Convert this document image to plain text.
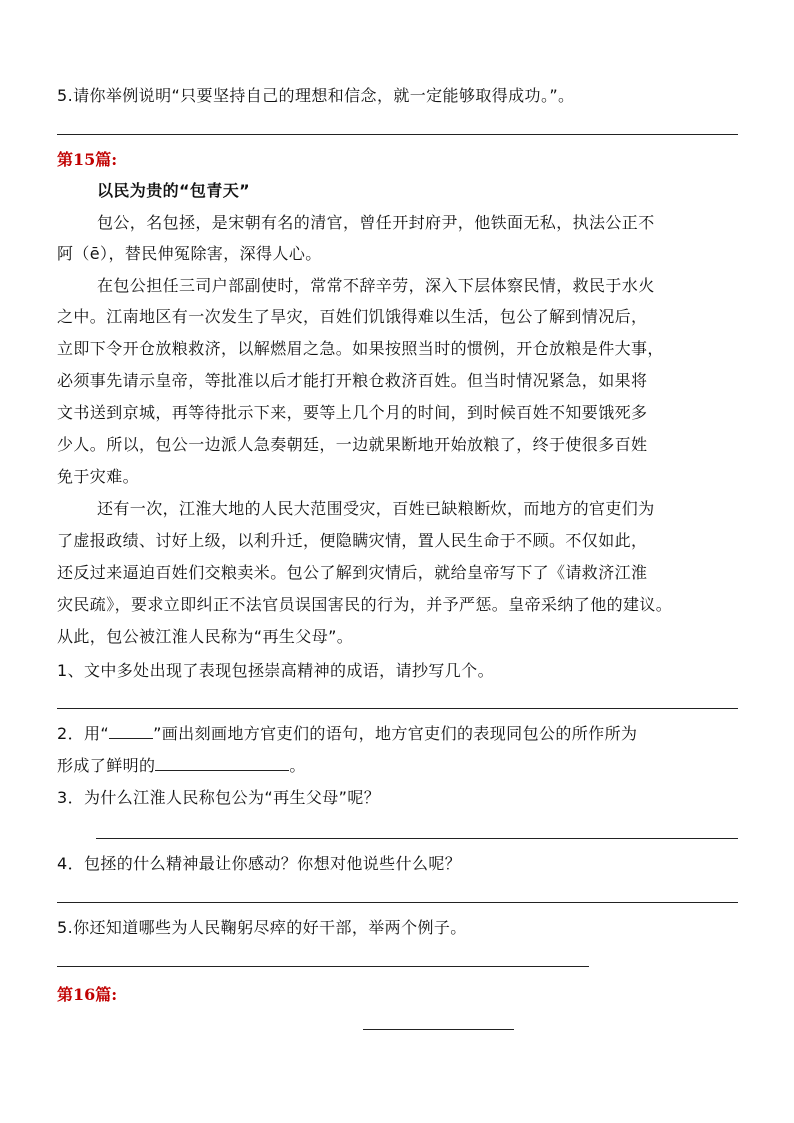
5.请你举例说明“只要坚持自己的理想和信念，就一定能够取得成功。”。
第15篇:
以民为贵的“包青天”
包公，名包拯，是宋朝有名的清官，曾任开封府尹，他铁面无私，执法公正不
阿（ē），替民伸冤除害，深得人心。
在包公担任三司户部副使时，常常不辞辛劳，深入下层体察民情，救民于水火
之中。江南地区有一次发生了旱灾，百姓们饥饿得难以生活，包公了解到情况后，
立即下令开仓放粮救济，以解燃眉之急。如果按照当时的惯例，开仓放粮是件大事，
必须事先请示皇帝，等批准以后才能打开粮仓救济百姓。但当时情况紧急，如果将
文书送到京城，再等待批示下来，要等上几个月的时间，到时候百姓不知要饿死多
少人。所以，包公一边派人急奏朝廷，一边就果断地开始放粮了，终于使很多百姓
免于灾难。
还有一次，江淮大地的人民大范围受灾，百姓已缺粮断炊，而地方的官吏们为
了虚报政绩、讨好上级，以利升迁，便隐瞒灾情，置人民生命于不顾。不仅如此，
还反过来逼迫百姓们交粮卖米。包公了解到灾情后，就给皇帝写下了《请救济江淮
灾民疏》，要求立即纠正不法官员误国害民的行为，并予严惩。皇帝采纳了他的建议。
从此，包公被江淮人民称为“再生父母”。
1、文中多处出现了表现包拯崇高精神的成语，请抄写几个。
2．用“	”画出刻画地方官吏们的语句，地方官吏们的表现同包公的所作所为
形成了鲜明的	。
3．为什么江淮人民称包公为“再生父母”呢？
4．包拯的什么精神最让你感动？你想对他说些什么呢？
5.你还知道哪些为人民鞠躬尽瘁的好干部，举两个例子。
第16篇:
